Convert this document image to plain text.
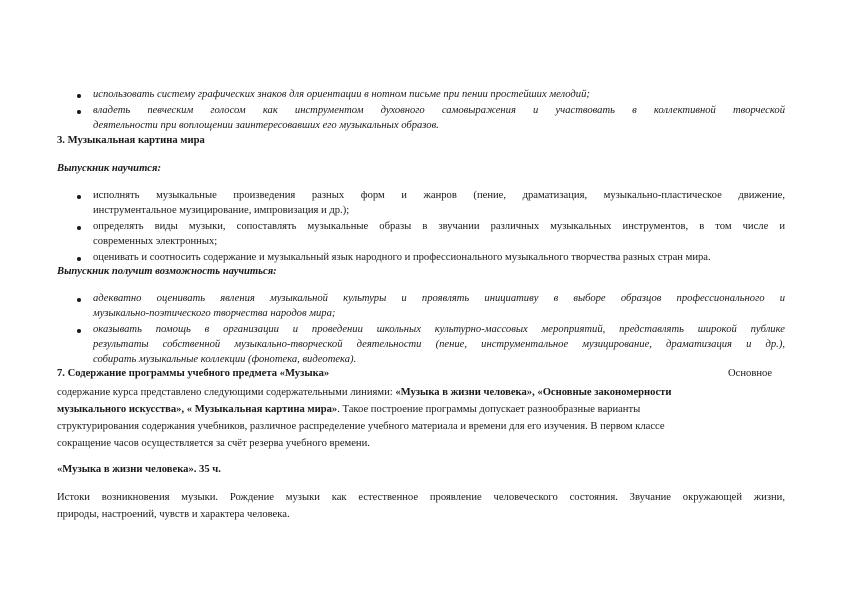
использовать систему графических знаков для ориентации в нотном письме при пении простейших мелодий;
владеть певческим голосом как инструментом духовного самовыражения и участвовать в коллективной творческой
деятельности при воплощении заинтересовавших его музыкальных образов.
3. Музыкальная картина мира
Выпускник научится:
исполнять музыкальные произведения разных форм и жанров (пение, драматизация, музыкально-пластическое движение,
инструментальное музицирование, импровизация и др.);
определять виды музыки, сопоставлять музыкальные образы в звучании различных музыкальных инструментов, в том числе и
современных электронных;
оценивать и соотносить содержание и музыкальный язык народного и профессионального музыкального творчества разных стран мира.
Выпускник получит возможность научиться:
адекватно оценивать явления музыкальной культуры и проявлять инициативу в выборе образцов профессионального и
музыкально-поэтического творчества народов мира;
оказывать помощь в организации и проведении школьных культурно-массовых мероприятий, представлять широкой публике
результаты собственной музыкально-творческой деятельности (пение, инструментальное музицирование, драматизация и др.),
собирать музыкальные коллекции (фонотека, видеотека).
7. Содержание программы учебного предмета «Музыка»	Основное
содержание курса представлено следующими содержательными линиями: «Музыка в жизни человека», «Основные закономерности
музыкального искусства», « Музыкальная картина мира». Такое построение программы допускает разнообразные варианты
структурирования содержания учебников, различное распределение учебного материала и времени для его изучения. В первом классе
сокращение часов осуществляется за счёт резерва учебного времени.
«Музыка в жизни человека». 35 ч.
Истоки возникновения музыки. Рождение музыки как естественное проявление человеческого состояния. Звучание окружающей жизни,
природы, настроений, чувств и характера человека.
